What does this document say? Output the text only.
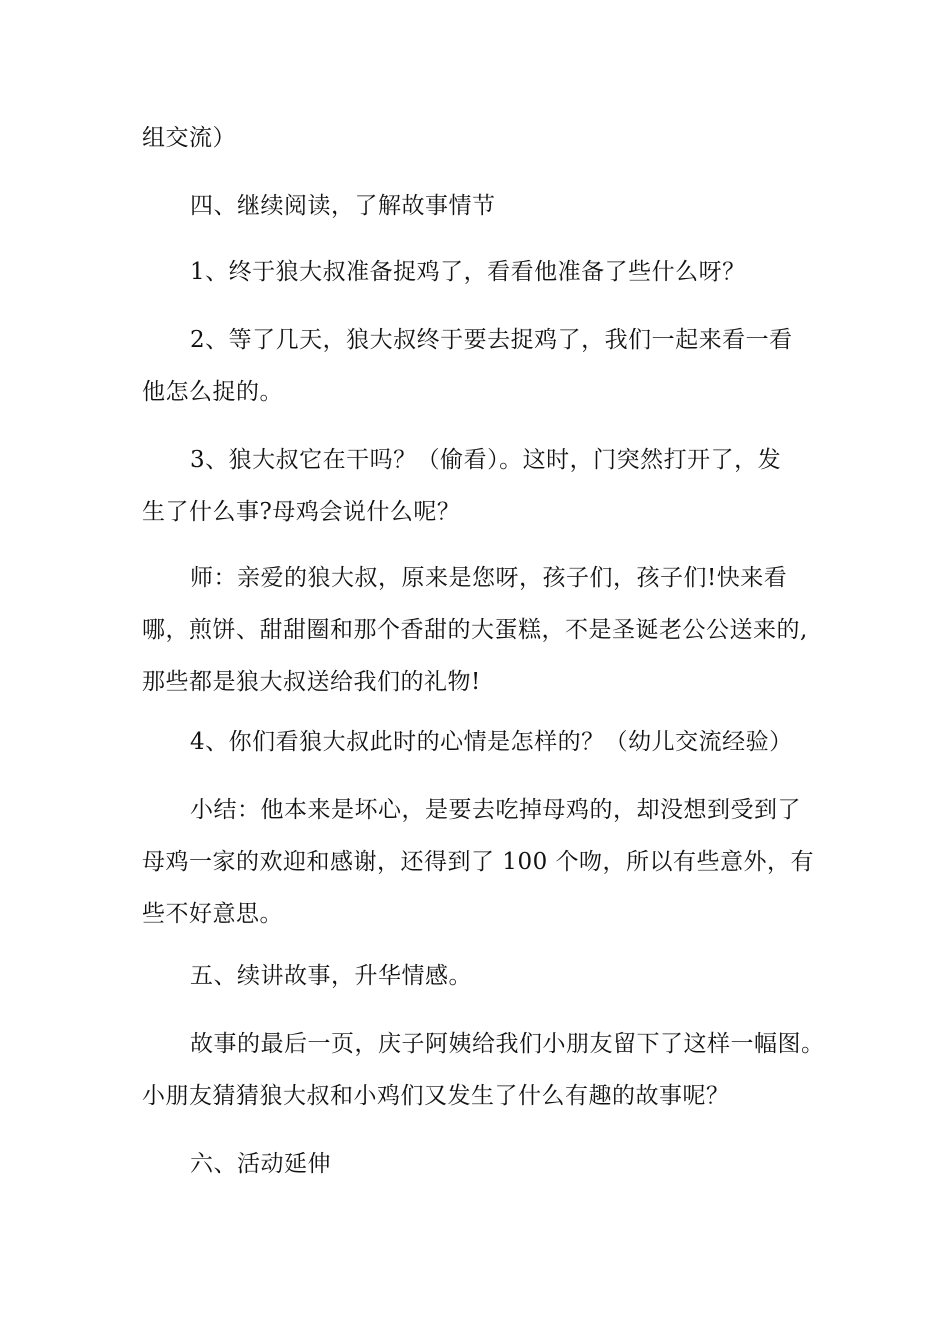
组交流）

四、继续阅读，了解故事情节

1、终于狼大叔准备捉鸡了，看看他准备了些什么呀？

2、等了几天，狼大叔终于要去捉鸡了，我们一起来看一看
他怎么捉的。

3、狼大叔它在干吗？（偷看）。这时，门突然打开了，发
生了什么事?母鸡会说什么呢？

师：亲爱的狼大叔，原来是您呀，孩子们，孩子们!快来看
哪，煎饼、甜甜圈和那个香甜的大蛋糕，不是圣诞老公公送来的,
那些都是狼大叔送给我们的礼物!

4、你们看狼大叔此时的心情是怎样的？（幼儿交流经验）

小结：他本来是坏心，是要去吃掉母鸡的，却没想到受到了
母鸡一家的欢迎和感谢，还得到了 100 个吻，所以有些意外，有
些不好意思。

五、续讲故事，升华情感。

故事的最后一页，庆子阿姨给我们小朋友留下了这样一幅图。
小朋友猜猜狼大叔和小鸡们又发生了什么有趣的故事呢？

六、活动延伸
